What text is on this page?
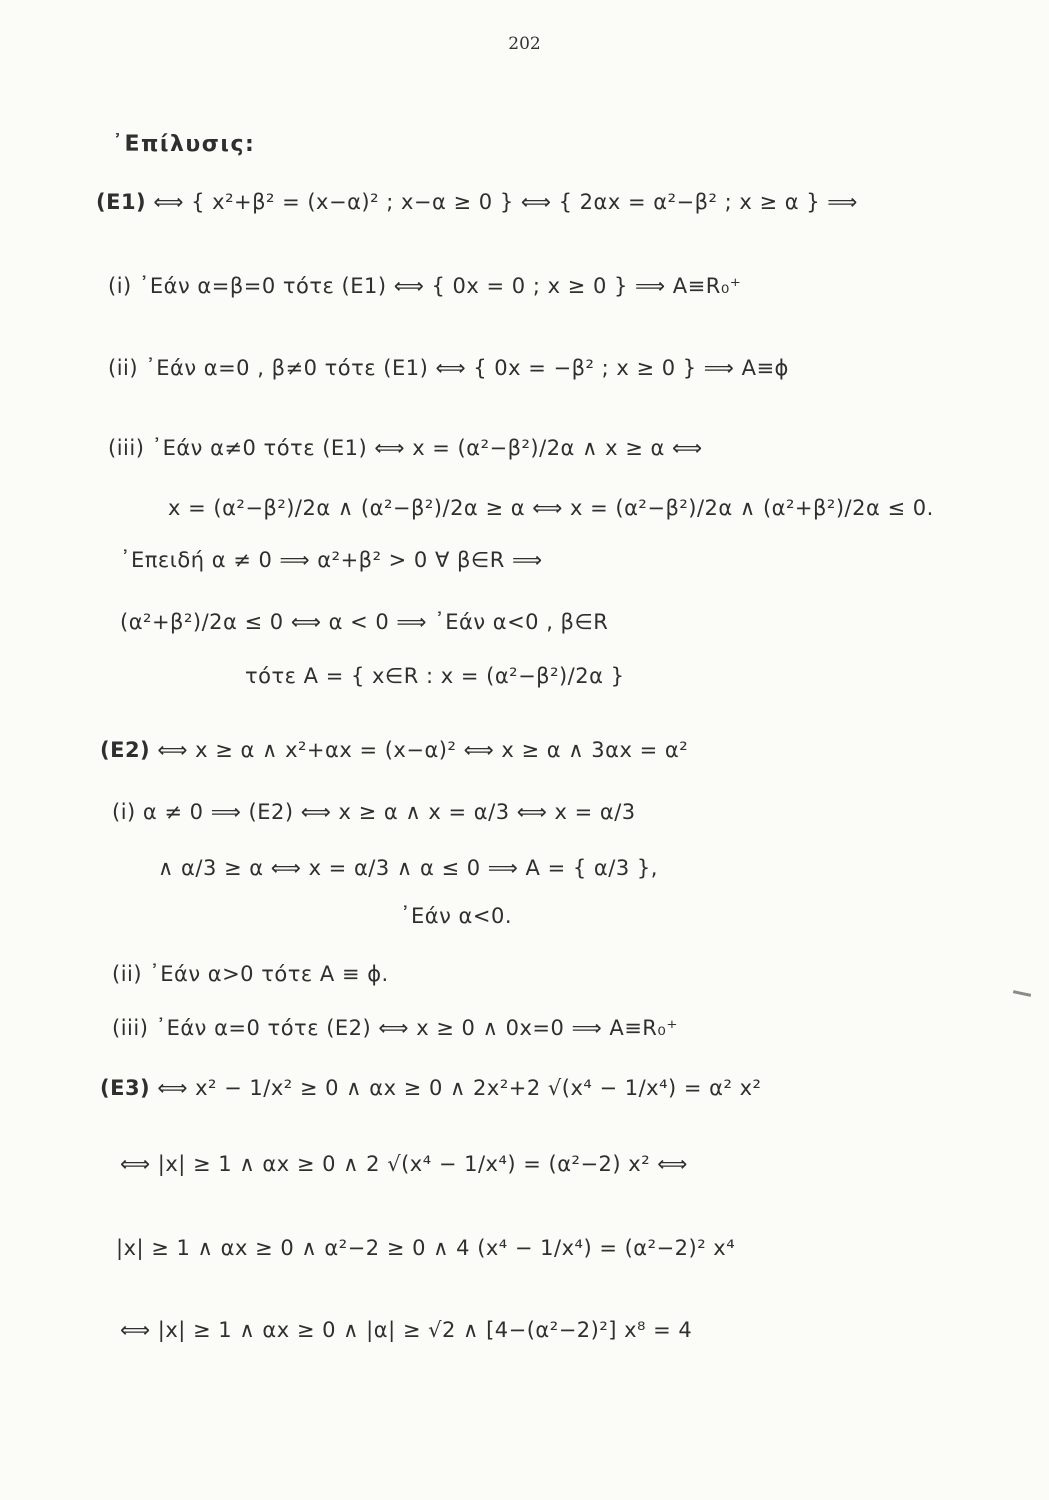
202
᾿Επίλυσις:
(E1) ⟺ { x²+β² = (x−α)² ; x−α ≥ 0 } ⟺ { 2αx = α²−β² ; x ≥ α } ⟹
(i) ᾿Εάν α=β=0 τότε (E1) ⟺ { 0x = 0 ; x ≥ 0 } ⟹ A≡R₀⁺
(ii) ᾿Εάν α=0 , β≠0 τότε (E1) ⟺ { 0x = −β² ; x ≥ 0 } ⟹ A≡ϕ
(iii) ᾿Εάν α≠0 τότε (E1) ⟺ x = (α²−β²)/2α ∧ x ≥ α ⟺
x = (α²−β²)/2α ∧ (α²−β²)/2α ≥ α ⟺ x = (α²−β²)/2α ∧ (α²+β²)/2α ≤ 0.
᾿Επειδή α ≠ 0 ⟹ α²+β² > 0 ∀ β∈R ⟹
(α²+β²)/2α ≤ 0 ⟺ α < 0 ⟹ ᾿Εάν α<0 , β∈R
τότε A = { x∈R : x = (α²−β²)/2α }
(E2) ⟺ x ≥ α ∧ x²+αx = (x−α)² ⟺ x ≥ α ∧ 3αx = α²
(i) α ≠ 0 ⟹ (E2) ⟺ x ≥ α ∧ x = α/3 ⟺ x = α/3
∧ α/3 ≥ α ⟺ x = α/3 ∧ α ≤ 0 ⟹ A = { α/3 },
᾿Εάν α<0.
(ii) ᾿Εάν α>0 τότε A ≡ ϕ.
(iii) ᾿Εάν α=0 τότε (E2) ⟺ x ≥ 0 ∧ 0x=0 ⟹ A≡R₀⁺
(E3) ⟺ x² − 1/x² ≥ 0 ∧ αx ≥ 0 ∧ 2x²+2 √(x⁴ − 1/x⁴) = α² x²
⟺ |x| ≥ 1 ∧ αx ≥ 0 ∧ 2 √(x⁴ − 1/x⁴) = (α²−2) x² ⟺
|x| ≥ 1 ∧ αx ≥ 0 ∧ α²−2 ≥ 0 ∧ 4 (x⁴ − 1/x⁴) = (α²−2)² x⁴
⟺ |x| ≥ 1 ∧ αx ≥ 0 ∧ |α| ≥ √2 ∧ [4−(α²−2)²] x⁸ = 4
